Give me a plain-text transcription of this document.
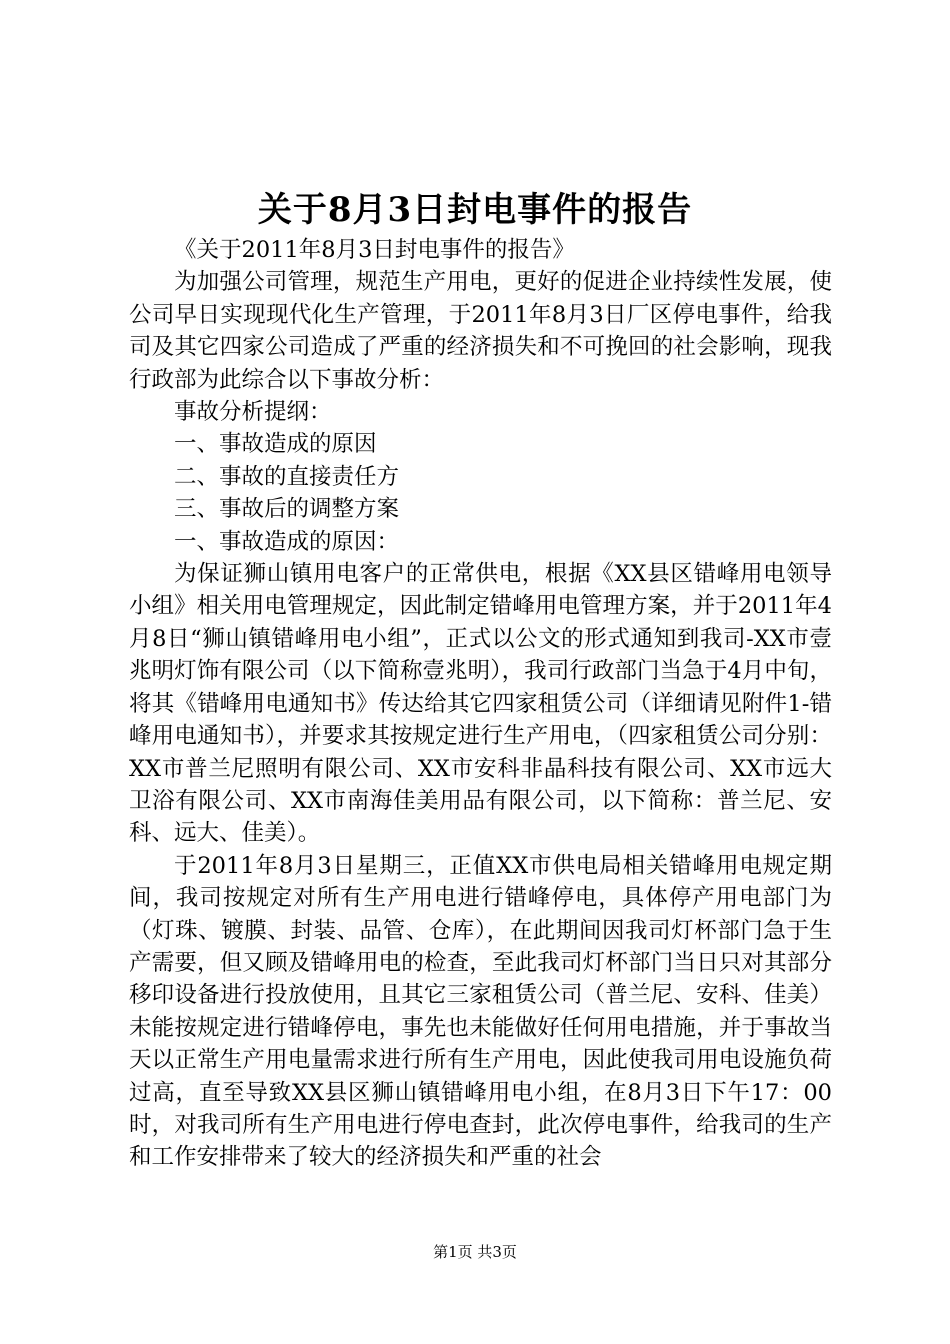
关于8月3日封电事件的报告

《关于2011年8月3日封电事件的报告》

为加强公司管理，规范生产用电，更好的促进企业持续性发展，使公司早日实现现代化生产管理，于2011年8月3日厂区停电事件，给我司及其它四家公司造成了严重的经济损失和不可挽回的社会影响，现我行政部为此综合以下事故分析：

事故分析提纲：

一、事故造成的原因

二、事故的直接责任方

三、事故后的调整方案

一、事故造成的原因：

为保证狮山镇用电客户的正常供电，根据《XX县区错峰用电领导小组》相关用电管理规定，因此制定错峰用电管理方案，并于2011年4月8日“狮山镇错峰用电小组”，正式以公文的形式通知到我司-XX市壹兆明灯饰有限公司（以下简称壹兆明），我司行政部门当急于4月中旬，将其《错峰用电通知书》传达给其它四家租赁公司（详细请见附件1-错峰用电通知书），并要求其按规定进行生产用电，（四家租赁公司分别：XX市普兰尼照明有限公司、XX市安科非晶科技有限公司、XX市远大卫浴有限公司、XX市南海佳美用品有限公司，以下简称：普兰尼、安科、远大、佳美）。

于2011年8月3日星期三，正值XX市供电局相关错峰用电规定期间，我司按规定对所有生产用电进行错峰停电，具体停产用电部门为（灯珠、镀膜、封装、品管、仓库），在此期间因我司灯杯部门急于生产需要，但又顾及错峰用电的检查，至此我司灯杯部门当日只对其部分移印设备进行投放使用，且其它三家租赁公司（普兰尼、安科、佳美）未能按规定进行错峰停电，事先也未能做好任何用电措施，并于事故当天以正常生产用电量需求进行所有生产用电，因此使我司用电设施负荷过高，直至导致XX县区狮山镇错峰用电小组，在8月3日下午17：00时，对我司所有生产用电进行停电查封，此次停电事件，给我司的生产和工作安排带来了较大的经济损失和严重的社会

第1页 共3页
